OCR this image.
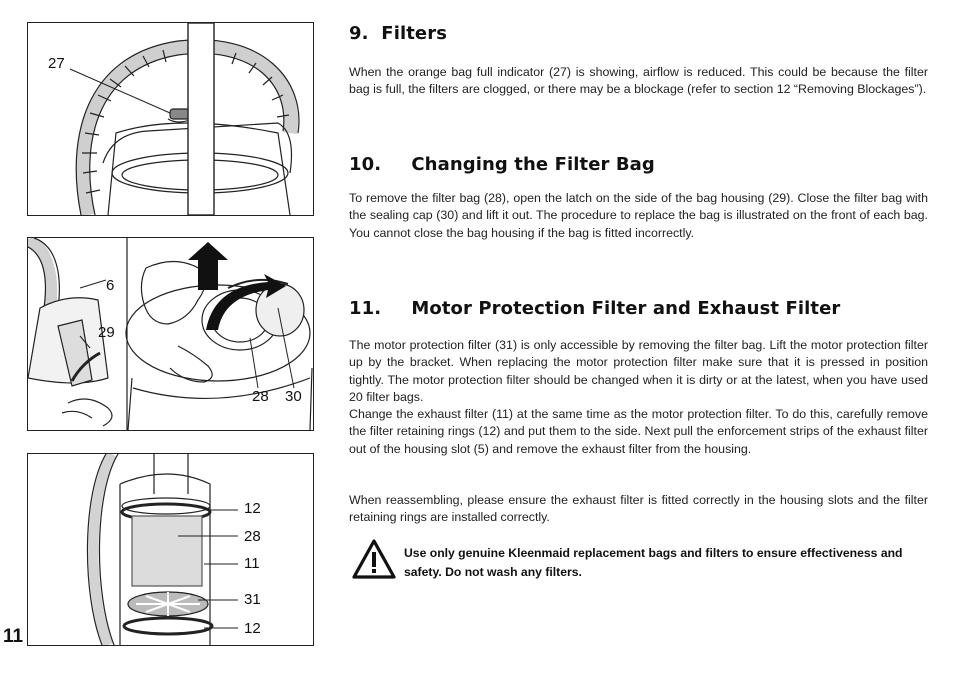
27
6
29
28 30
12
28
11
31
12
11
9. Filters

When the orange bag full indicator (27) is showing, airflow is reduced. This could be because the filter bag is full, the filters are clogged, or there may be a blockage (refer to section 12 “Removing Blockages”).

10. Changing the Filter Bag

To remove the filter bag (28), open the latch on the side of the bag housing (29). Close the filter bag with the sealing cap (30) and lift it out. The procedure to replace the bag is illustrated on the front of each bag. You cannot close the bag housing if the bag is fitted incorrectly.

11. Motor Protection Filter and Exhaust Filter

The motor protection filter (31) is only accessible by removing the filter bag. Lift the motor protection filter up by the bracket. When replacing the motor protection filter make sure that it is pressed in position tightly. The motor protection filter should be changed when it is dirty or at the latest, when you have used 20 filter bags.

Change the exhaust filter (11) at the same time as the motor protection filter. To do this, carefully remove the filter retaining rings (12) and put them to the side. Next pull the enforcement strips of the exhaust filter out of the housing slot (5) and remove the exhaust filter from the housing.

When reassembling, please ensure the exhaust filter is fitted correctly in the housing slots and the filter retaining rings are installed correctly.

Use only genuine Kleenmaid replacement bags and filters to ensure effectiveness and safety. Do not wash any filters.
